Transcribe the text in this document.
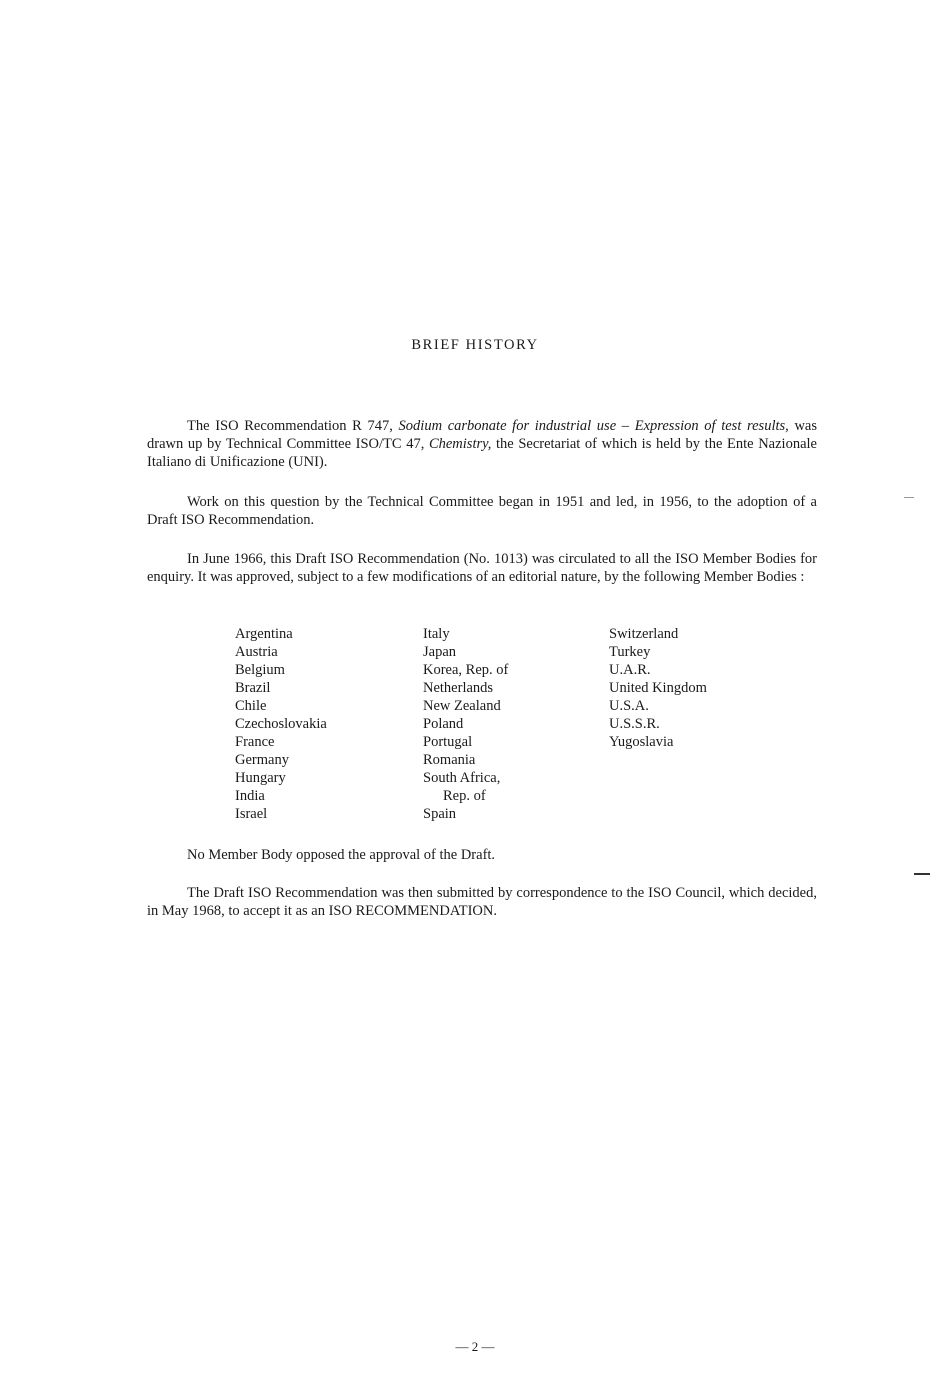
BRIEF HISTORY

The ISO Recommendation R 747, Sodium carbonate for industrial use – Expression of test results, was drawn up by Technical Committee ISO/TC 47, Chemistry, the Secretariat of which is held by the Ente Nazionale Italiano di Unificazione (UNI).

Work on this question by the Technical Committee began in 1951 and led, in 1956, to the adoption of a Draft ISO Recommendation.

In June 1966, this Draft ISO Recommendation (No. 1013) was circulated to all the ISO Member Bodies for enquiry. It was approved, subject to a few modifications of an editorial nature, by the following Member Bodies :

Argentina
Austria
Belgium
Brazil
Chile
Czechoslovakia
France
Germany
Hungary
India
Israel
Italy
Japan
Korea, Rep. of
Netherlands
New Zealand
Poland
Portugal
Romania
South Africa,
Rep. of
Spain
Switzerland
Turkey
U.A.R.
United Kingdom
U.S.A.
U.S.S.R.
Yugoslavia

No Member Body opposed the approval of the Draft.

The Draft ISO Recommendation was then submitted by correspondence to the ISO Council, which decided, in May 1968, to accept it as an ISO RECOMMENDATION.

— 2 —
